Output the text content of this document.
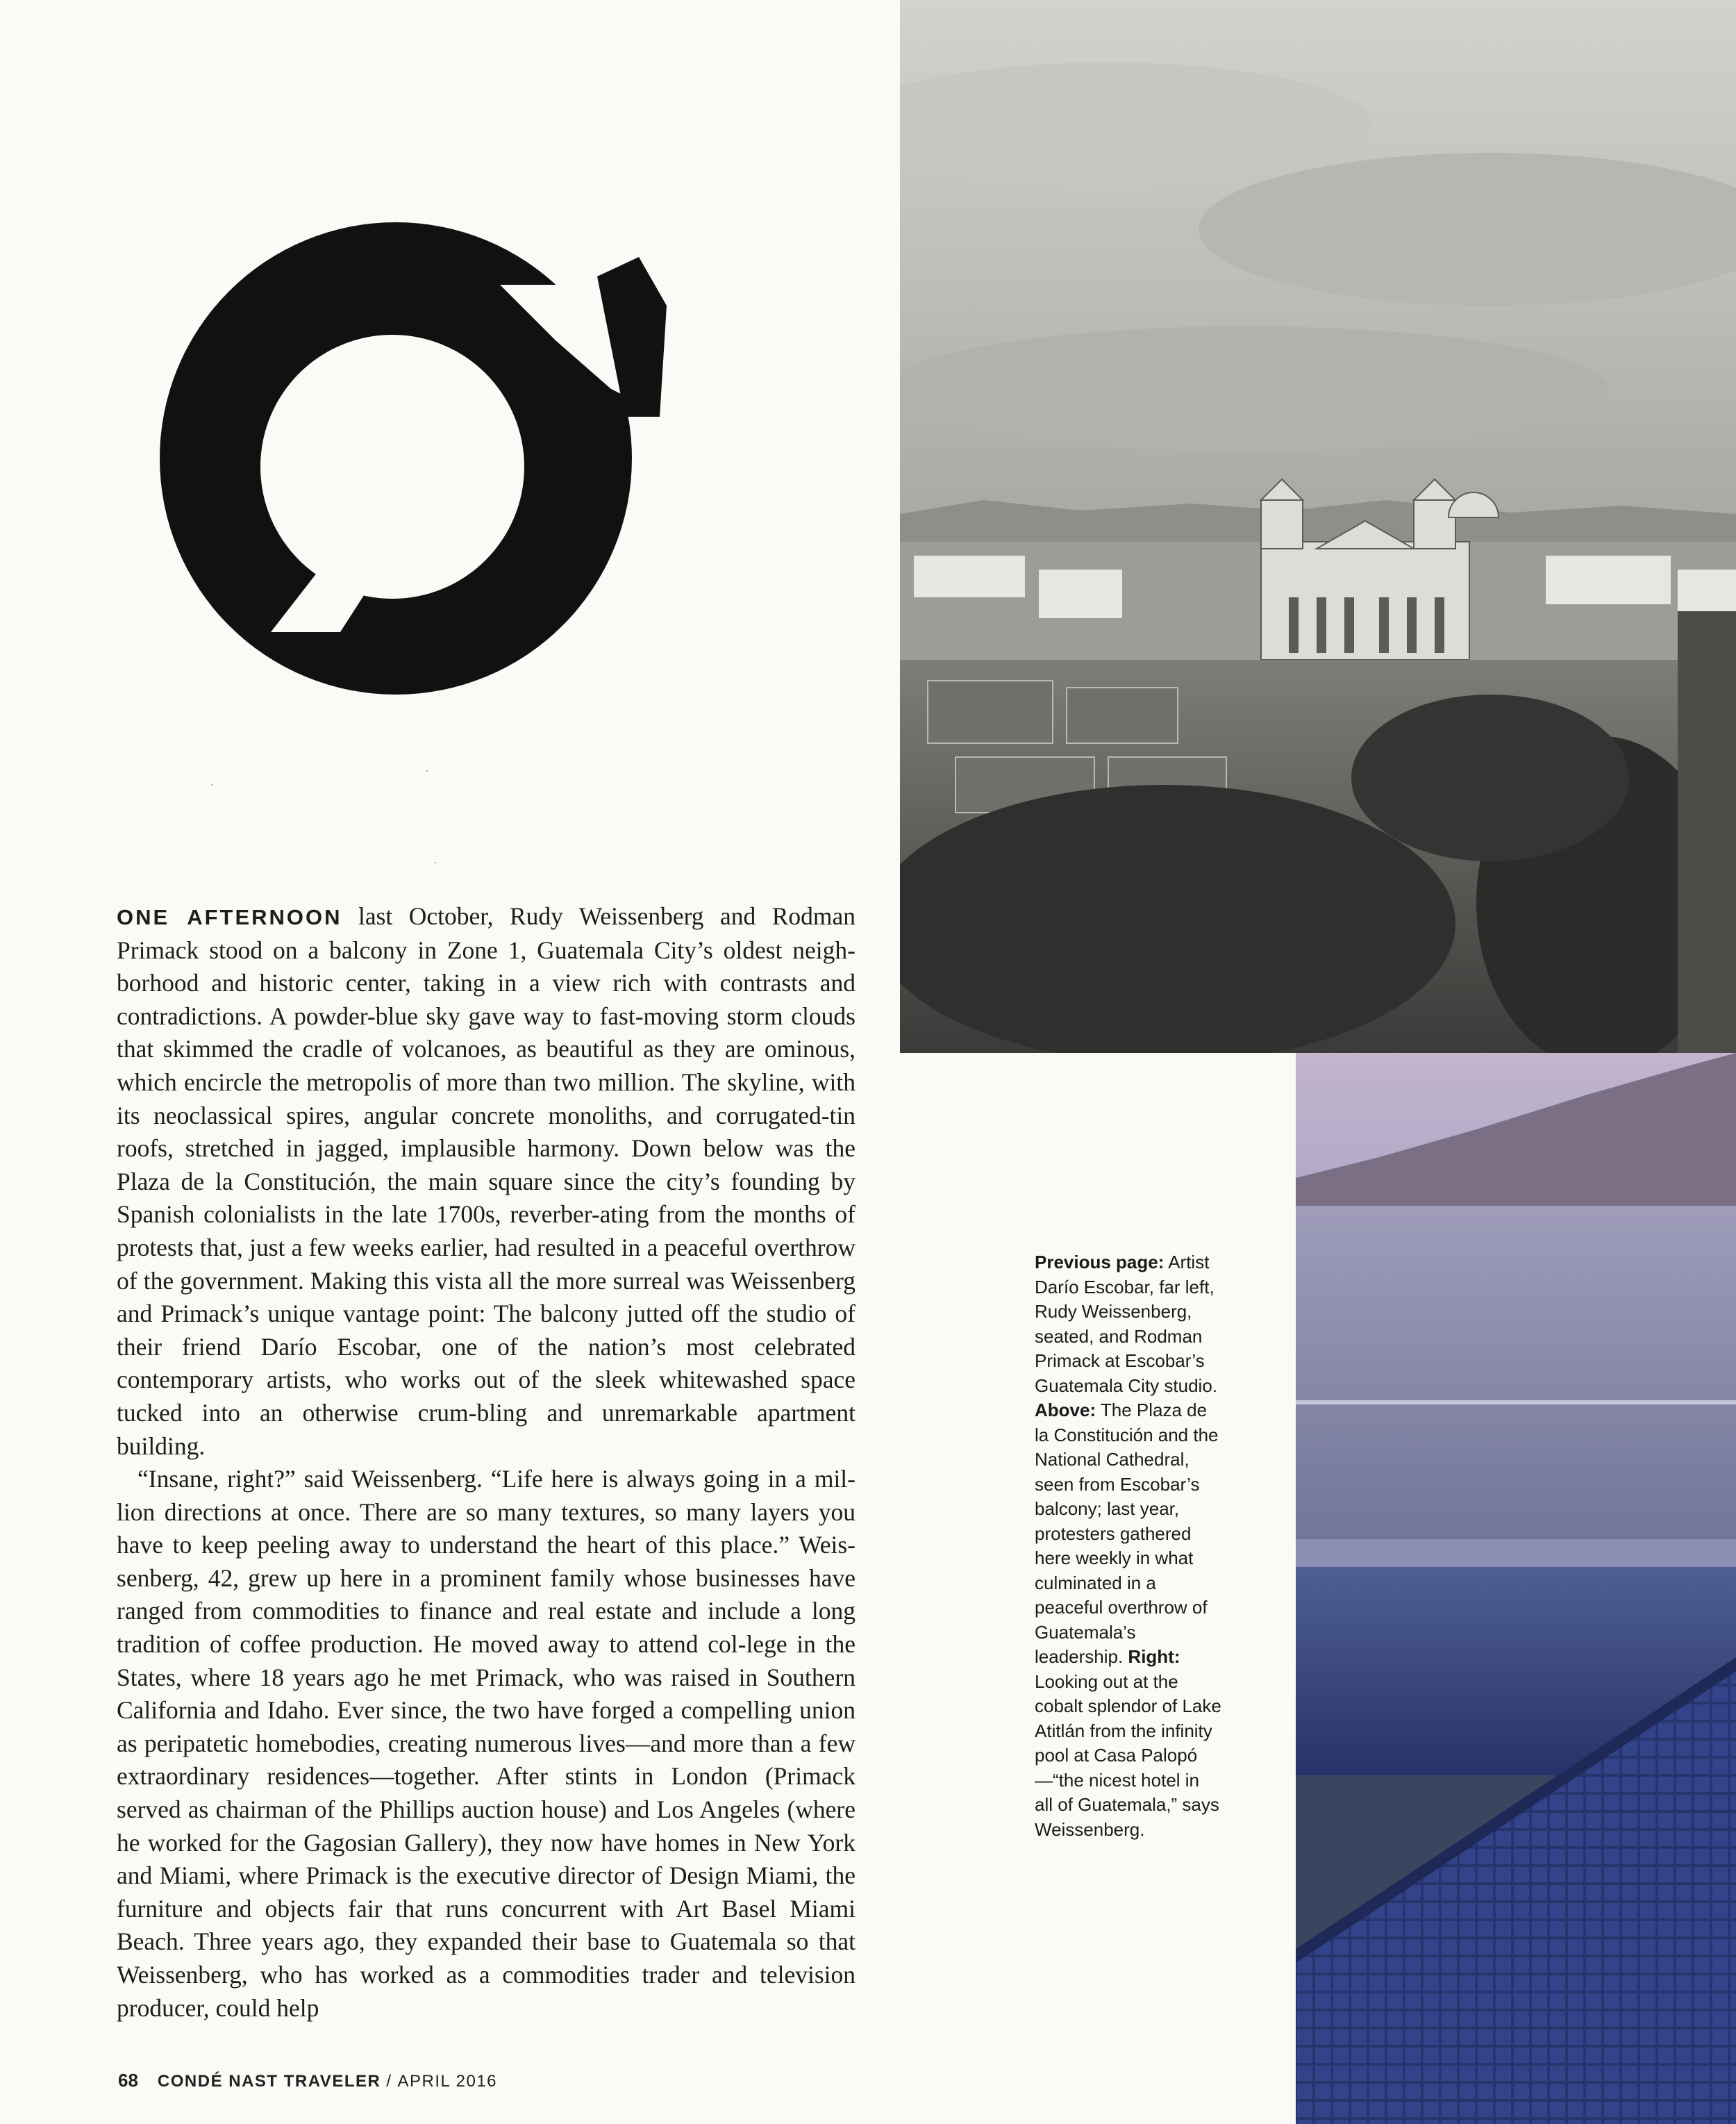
·
·
·

ONE AFTERNOON last October, Rudy Weissenberg and Rodman Primack stood on a balcony in Zone 1, Guatemala City’s oldest neigh-borhood and historic center, taking in a view rich with contrasts and contradictions. A powder-blue sky gave way to fast-moving storm clouds that skimmed the cradle of volcanoes, as beautiful as they are ominous, which encircle the metropolis of more than two million. The skyline, with its neoclassical spires, angular concrete monoliths, and corrugated-tin roofs, stretched in jagged, implausible harmony. Down below was the Plaza de la Constitución, the main square since the city’s founding by Spanish colonialists in the late 1700s, reverber-ating from the months of protests that, just a few weeks earlier, had resulted in a peaceful overthrow of the government. Making this vista all the more surreal was Weissenberg and Primack’s unique vantage point: The balcony jutted off the studio of their friend Darío Escobar, one of the nation’s most celebrated contemporary artists, who works out of the sleek whitewashed space tucked into an otherwise crum-bling and unremarkable apartment building.

“Insane, right?” said Weissenberg. “Life here is always going in a mil-lion directions at once. There are so many textures, so many layers you have to keep peeling away to understand the heart of this place.” Weis-senberg, 42, grew up here in a prominent family whose businesses have ranged from commodities to finance and real estate and include a long tradition of coffee production. He moved away to attend col-lege in the States, where 18 years ago he met Primack, who was raised in Southern California and Idaho. Ever since, the two have forged a compelling union as peripatetic homebodies, creating numerous lives—and more than a few extraordinary residences—together. After stints in London (Primack served as chairman of the Phillips auction house) and Los Angeles (where he worked for the Gagosian Gallery), they now have homes in New York and Miami, where Primack is the executive director of Design Miami, the furniture and objects fair that runs concurrent with Art Basel Miami Beach. Three years ago, they expanded their base to Guatemala so that Weissenberg, who has worked as a commodities trader and television producer, could help

Previous page: Artist Darío Escobar, far left, Rudy Weissenberg, seated, and Rodman Primack at Escobar’s Guatemala City studio. Above: The Plaza de la Constitución and the National Cathedral, seen from Escobar’s balcony; last year, protesters gathered here weekly in what culminated in a peaceful overthrow of Guatemala’s leadership. Right: Looking out at the cobalt splendor of Lake Atitlán from the infinity pool at Casa Palopó—“the nicest hotel in all of Guatemala,” says Weissenberg.
68 CONDÉ NAST TRAVELER / APRIL 2016
